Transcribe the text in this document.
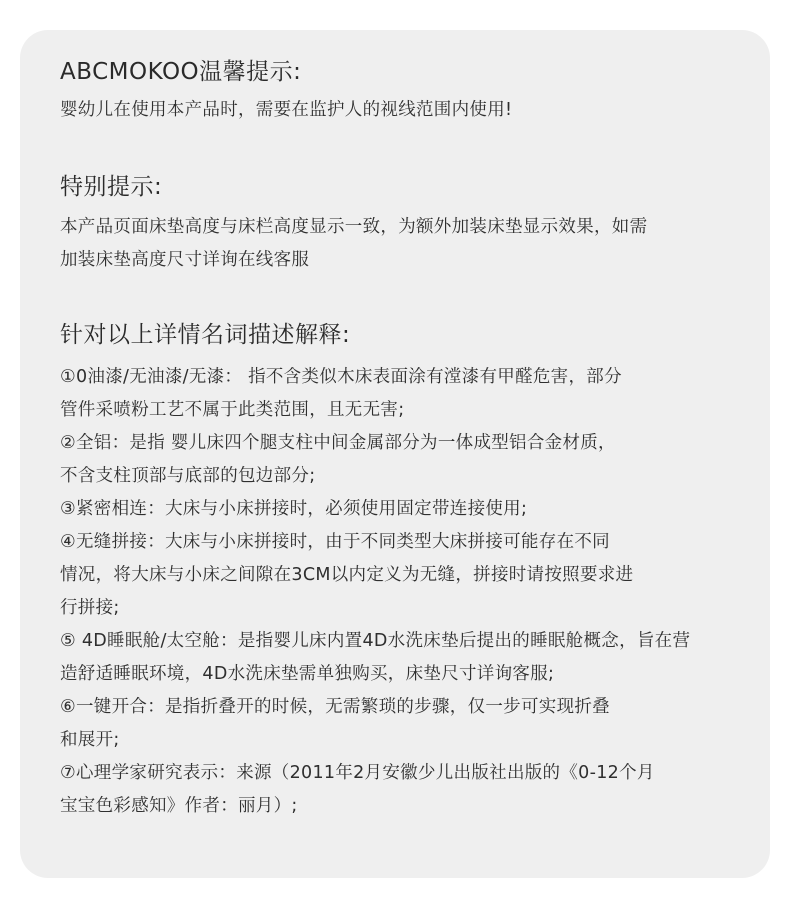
ABCMOKOO温馨提示:
婴幼儿在使用本产品时，需要在监护人的视线范围内使用!
特别提示:
本产品页面床垫高度与床栏高度显示一致，为额外加装床垫显示效果，如需
加装床垫高度尺寸详询在线客服
针对以上详情名词描述解释:
①0油漆/无油漆/无漆： 指不含类似木床表面涂有漟漆有甲醛危害，部分
管件采喷粉工艺不属于此类范围，且无无害;
②全铝：是指 婴儿床四个腿支柱中间金属部分为一体成型铝合金材质，
不含支柱顶部与底部的包边部分;
③紧密相连：大床与小床拼接时，必须使用固定带连接使用;
④无缝拼接：大床与小床拼接时，由于不同类型大床拼接可能存在不同
情况，将大床与小床之间隙在3CM以内定义为无缝，拼接时请按照要求进
行拼接;
⑤ 4D睡眠舱/太空舱：是指婴儿床内置4D水洗床垫后提出的睡眠舱概念，旨在营
造舒适睡眠环境，4D水洗床垫需单独购买，床垫尺寸详询客服;
⑥一键开合：是指折叠开的时候，无需繁琐的步骤，仅一步可实现折叠
和展开;
⑦心理学家研究表示：来源（2011年2月安徽少儿出版社出版的《0-12个月
宝宝色彩感知》作者：丽月）;
